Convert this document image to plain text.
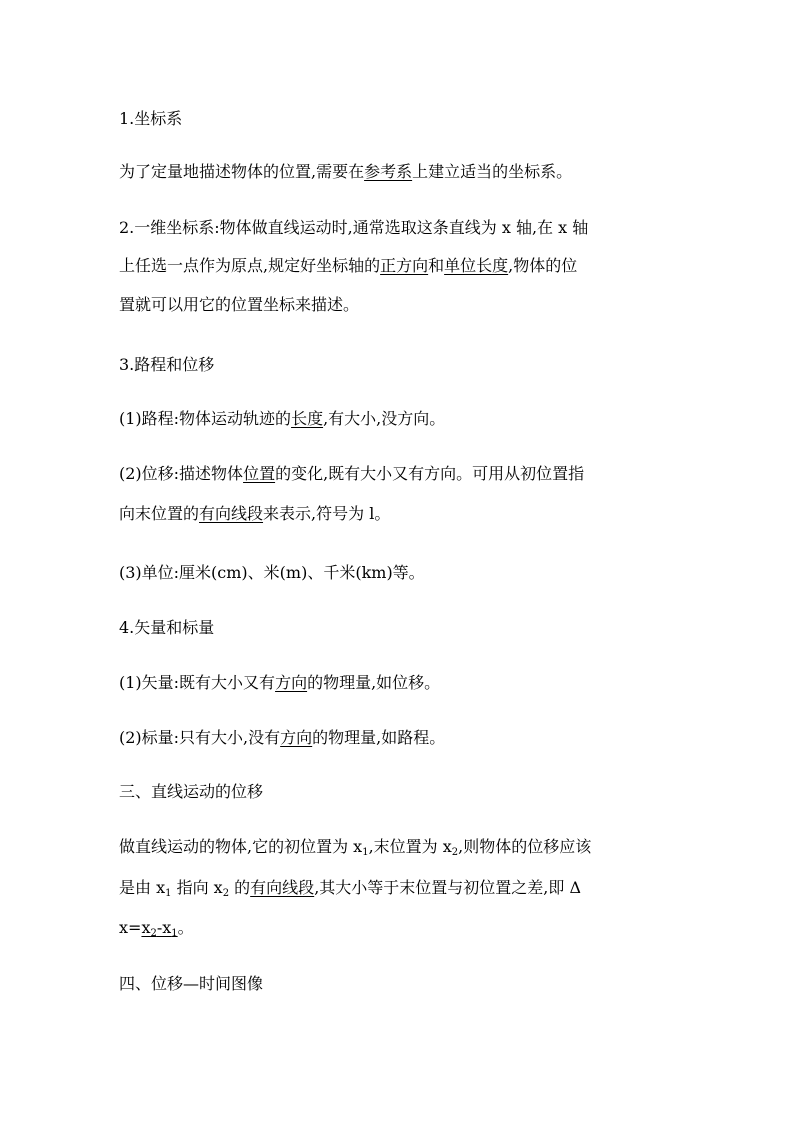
1.坐标系
为了定量地描述物体的位置,需要在参考系上建立适当的坐标系。
2.一维坐标系:物体做直线运动时,通常选取这条直线为 x 轴,在 x 轴
上任选一点作为原点,规定好坐标轴的正方向和单位长度,物体的位
置就可以用它的位置坐标来描述。
3.路程和位移
(1)路程:物体运动轨迹的长度,有大小,没方向。
(2)位移:描述物体位置的变化,既有大小又有方向。可用从初位置指
向末位置的有向线段来表示,符号为 l。
(3)单位:厘米(cm)、米(m)、千米(km)等。
4.矢量和标量
(1)矢量:既有大小又有方向的物理量,如位移。
(2)标量:只有大小,没有方向的物理量,如路程。
三、直线运动的位移
做直线运动的物体,它的初位置为 $x_1$,末位置为 $x_2$,则物体的位移应该
是由 $x_1$ 指向 $x_2$ 的有向线段,其大小等于末位置与初位置之差,即 Δ
$x=x_2-x_1$。
四、位移—时间图像
